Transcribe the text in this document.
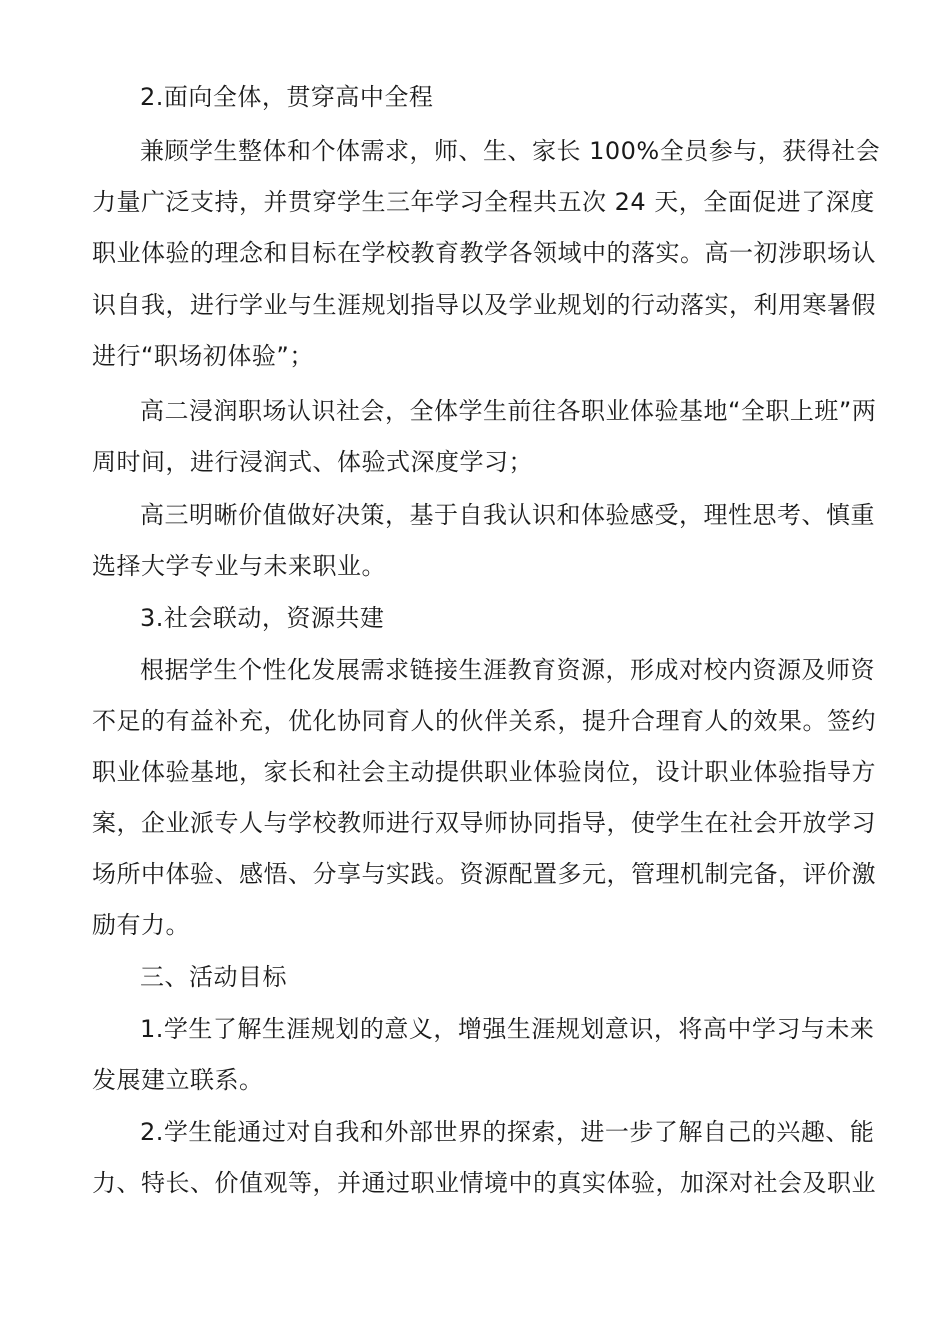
2.面向全体，贯穿高中全程
兼顾学生整体和个体需求，师、生、家长 100%全员参与，获得社会
力量广泛支持，并贯穿学生三年学习全程共五次 24 天，全面促进了深度
职业体验的理念和目标在学校教育教学各领域中的落实。高一初涉职场认
识自我，进行学业与生涯规划指导以及学业规划的行动落实，利用寒暑假
进行“职场初体验”；
高二浸润职场认识社会，全体学生前往各职业体验基地“全职上班”两
周时间，进行浸润式、体验式深度学习；
高三明晰价值做好决策，基于自我认识和体验感受，理性思考、慎重
选择大学专业与未来职业。
3.社会联动，资源共建
根据学生个性化发展需求链接生涯教育资源，形成对校内资源及师资
不足的有益补充，优化协同育人的伙伴关系，提升合理育人的效果。签约
职业体验基地，家长和社会主动提供职业体验岗位，设计职业体验指导方
案，企业派专人与学校教师进行双导师协同指导，使学生在社会开放学习
场所中体验、感悟、分享与实践。资源配置多元，管理机制完备，评价激
励有力。
三、活动目标
1.学生了解生涯规划的意义，增强生涯规划意识，将高中学习与未来
发展建立联系。
2.学生能通过对自我和外部世界的探索，进一步了解自己的兴趣、能
力、特长、价值观等，并通过职业情境中的真实体验，加深对社会及职业
